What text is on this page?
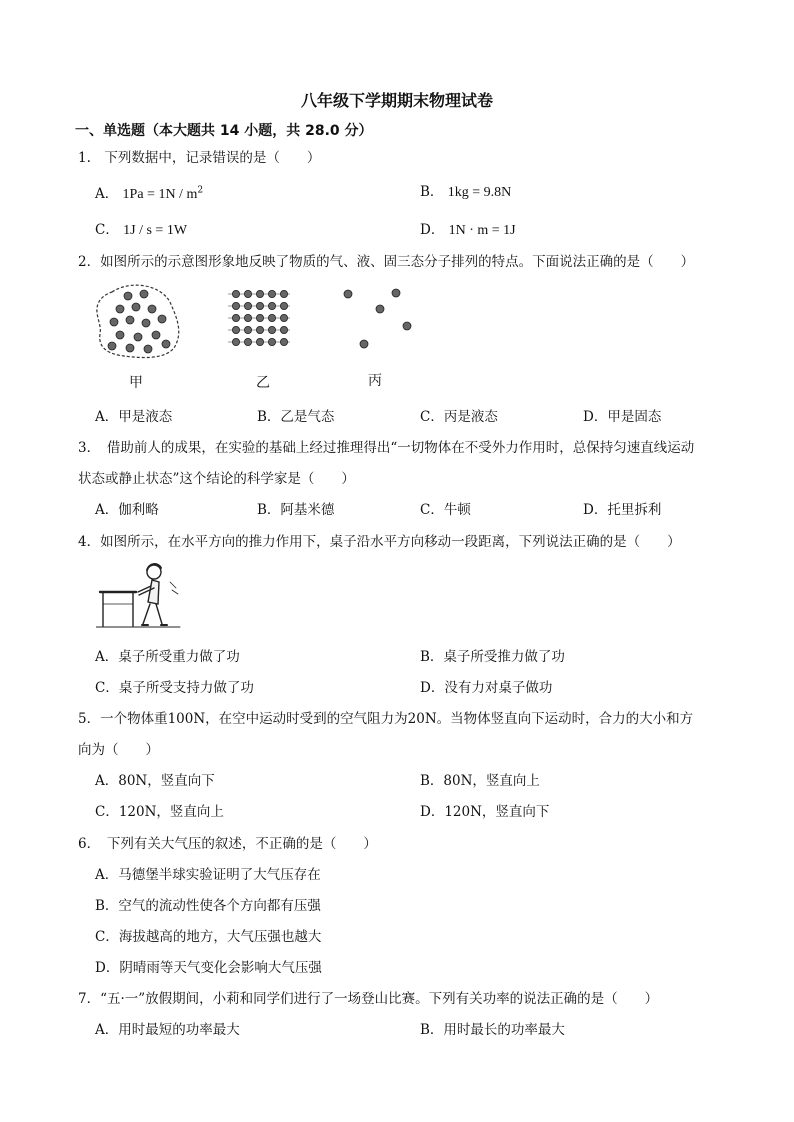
八年级下学期期末物理试卷
一、单选题（本大题共 14 小题，共 28.0 分）
1.　下列数据中，记录错误的是（　　）
A． $1Pa = 1N / m^2$	B． 1kg = 9.8N
C． 1J / s = 1W	D． 1N · m = 1J
2．如图所示的示意图形象地反映了物质的气、液、固三态分子排列的特点。下面说法正确的是（　　）
甲	乙	丙
A．甲是液态	B．乙是气态	C．丙是液态	D．甲是固态
3．　借助前人的成果，在实验的基础上经过推理得出“一切物体在不受外力作用时，总保持匀速直线运动
状态或静止状态”这个结论的科学家是（　　）
A．伽利略	B．阿基米德	C．牛顿	D．托里拆利
4．如图所示，在水平方向的推力作用下，桌子沿水平方向移动一段距离，下列说法正确的是（　　）
A．桌子所受重力做了功	B．桌子所受推力做了功
C．桌子所受支持力做了功	D．没有力对桌子做功
5．一个物体重100N，在空中运动时受到的空气阻力为20N。当物体竖直向下运动时，合力的大小和方
向为（　　）
A．80N，竖直向下	B．80N，竖直向上
C．120N，竖直向上	D．120N，竖直向下
6．　下列有关大气压的叙述，不正确的是（　　）
A．马德堡半球实验证明了大气压存在
B．空气的流动性使各个方向都有压强
C．海拔越高的地方，大气压强也越大
D．阴晴雨等天气变化会影响大气压强
7．“五·一”放假期间，小莉和同学们进行了一场登山比赛。下列有关功率的说法正确的是（　　）
A．用时最短的功率最大	B．用时最长的功率最大
